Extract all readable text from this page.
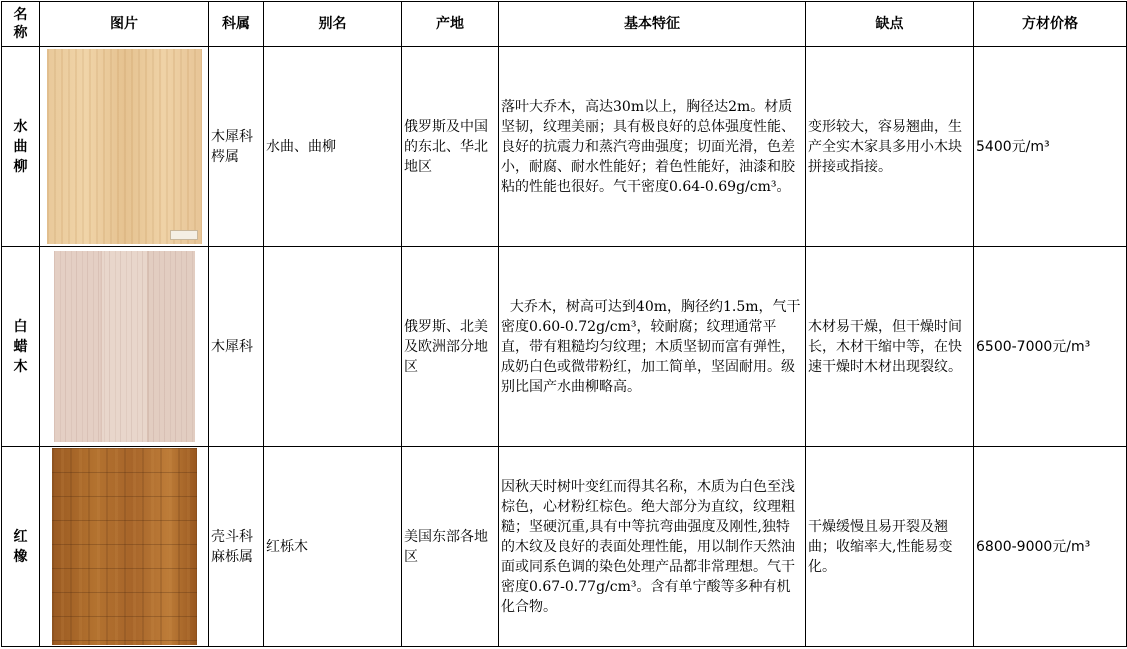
名称	图片	科属	别名	产地	基本特征	缺点	方材价格

水曲柳		木犀科梣属	水曲、曲柳	俄罗斯及中国的东北、华北地区	落叶大乔木，高达30m以上，胸径达2m。材质坚韧，纹理美丽；具有极良好的总体强度性能、良好的抗震力和蒸汽弯曲强度；切面光滑，色差小，耐腐、耐水性能好；着色性能好，油漆和胶粘的性能也很好。气干密度0.64-0.69g/cm³。	变形较大，容易翘曲，生产全实木家具多用小木块拼接或指接。	5400元/m³

白蜡木		木犀科		俄罗斯、北美及欧洲部分地区	大乔木，树高可达到40m，胸径约1.5m，气干密度0.60-0.72g/cm³，较耐腐；纹理通常平直，带有粗糙均匀纹理；木质坚韧而富有弹性，成奶白色或微带粉红，加工简单，坚固耐用。级别比国产水曲柳略高。	木材易干燥，但干燥时间长，木材干缩中等，在快速干燥时木材出现裂纹。	6500-7000元/m³

红橡		壳斗科麻栎属	红栎木	美国东部各地区	因秋天时树叶变红而得其名称，木质为白色至浅棕色，心材粉红棕色。绝大部分为直纹，纹理粗糙；坚硬沉重,具有中等抗弯曲强度及刚性,独特的木纹及良好的表面处理性能，用以制作天然油面或同系色调的染色处理产品都非常理想。气干密度0.67-0.77g/cm³。含有单宁酸等多种有机化合物。	干燥缓慢且易开裂及翘曲；收缩率大,性能易变化。	6800-9000元/m³
